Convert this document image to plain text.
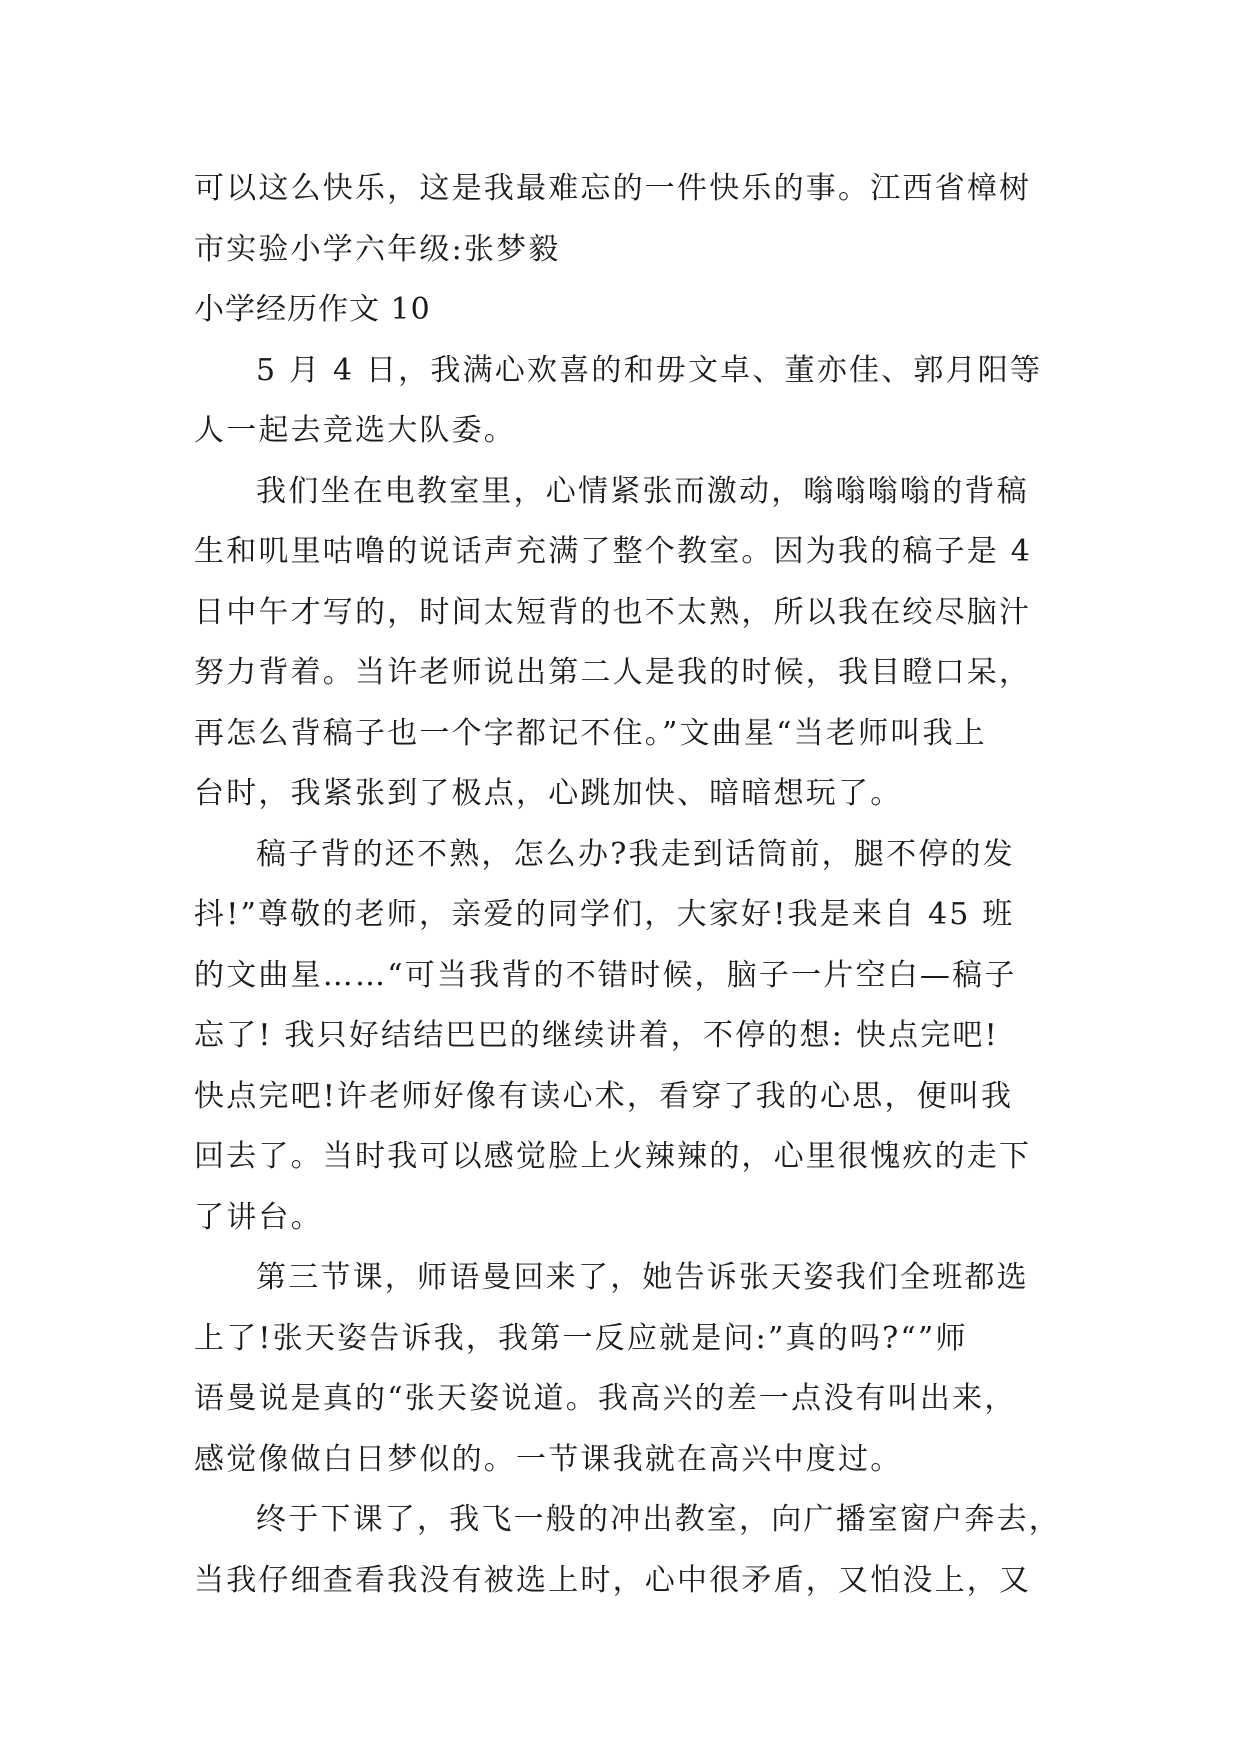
可以这么快乐，这是我最难忘的一件快乐的事。江西省樟树
市实验小学六年级:张梦毅
小学经历作文 10
5 月 4 日，我满心欢喜的和毋文卓、董亦佳、郭月阳等
人一起去竞选大队委。
我们坐在电教室里，心情紧张而激动，嗡嗡嗡嗡的背稿
生和叽里咕噜的说话声充满了整个教室。因为我的稿子是 4
日中午才写的，时间太短背的也不太熟，所以我在绞尽脑汁
努力背着。当许老师说出第二人是我的时候，我目瞪口呆，
再怎么背稿子也一个字都记不住。”文曲星“当老师叫我上
台时，我紧张到了极点，心跳加快、暗暗想玩了。
稿子背的还不熟，怎么办?我走到话筒前，腿不停的发
抖!”尊敬的老师，亲爱的同学们，大家好!我是来自 45 班
的文曲星……“可当我背的不错时候，脑子一片空白—稿子
忘了! 我只好结结巴巴的继续讲着，不停的想: 快点完吧!
快点完吧!许老师好像有读心术，看穿了我的心思，便叫我
回去了。当时我可以感觉脸上火辣辣的，心里很愧疚的走下
了讲台。
第三节课，师语曼回来了，她告诉张天姿我们全班都选
上了!张天姿告诉我，我第一反应就是问:”真的吗?“”师
语曼说是真的“张天姿说道。我高兴的差一点没有叫出来，
感觉像做白日梦似的。一节课我就在高兴中度过。
终于下课了，我飞一般的冲出教室，向广播室窗户奔去，
当我仔细查看我没有被选上时，心中很矛盾，又怕没上，又
